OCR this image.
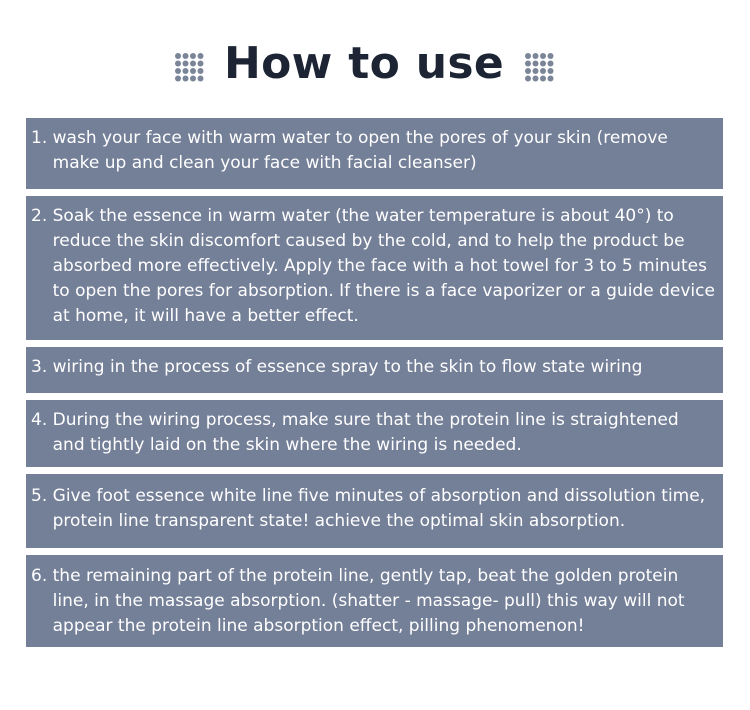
How to use
1.
wash your face with warm water to open the pores of your skin (remove make up and clean your face with facial cleanser)
2.
Soak the essence in warm water (the water temperature is about 40°) to reduce the skin discomfort caused by the cold, and to help the product be absorbed more effectively. Apply the face with a hot towel for 3 to 5 minutes to open the pores for absorption. If there is a face vaporizer or a guide device at home, it will have a better effect.
3.
wiring in the process of essence spray to the skin to flow state wiring
4.
During the wiring process, make sure that the protein line is straightened and tightly laid on the skin where the wiring is needed.
5.
Give foot essence white line five minutes of absorption and dissolution time, protein line transparent state! achieve the optimal skin absorption.
6.
the remaining part of the protein line, gently tap, beat the golden protein line, in the massage absorption. (shatter - massage- pull) this way will not appear the protein line absorption effect, pilling phenomenon!
